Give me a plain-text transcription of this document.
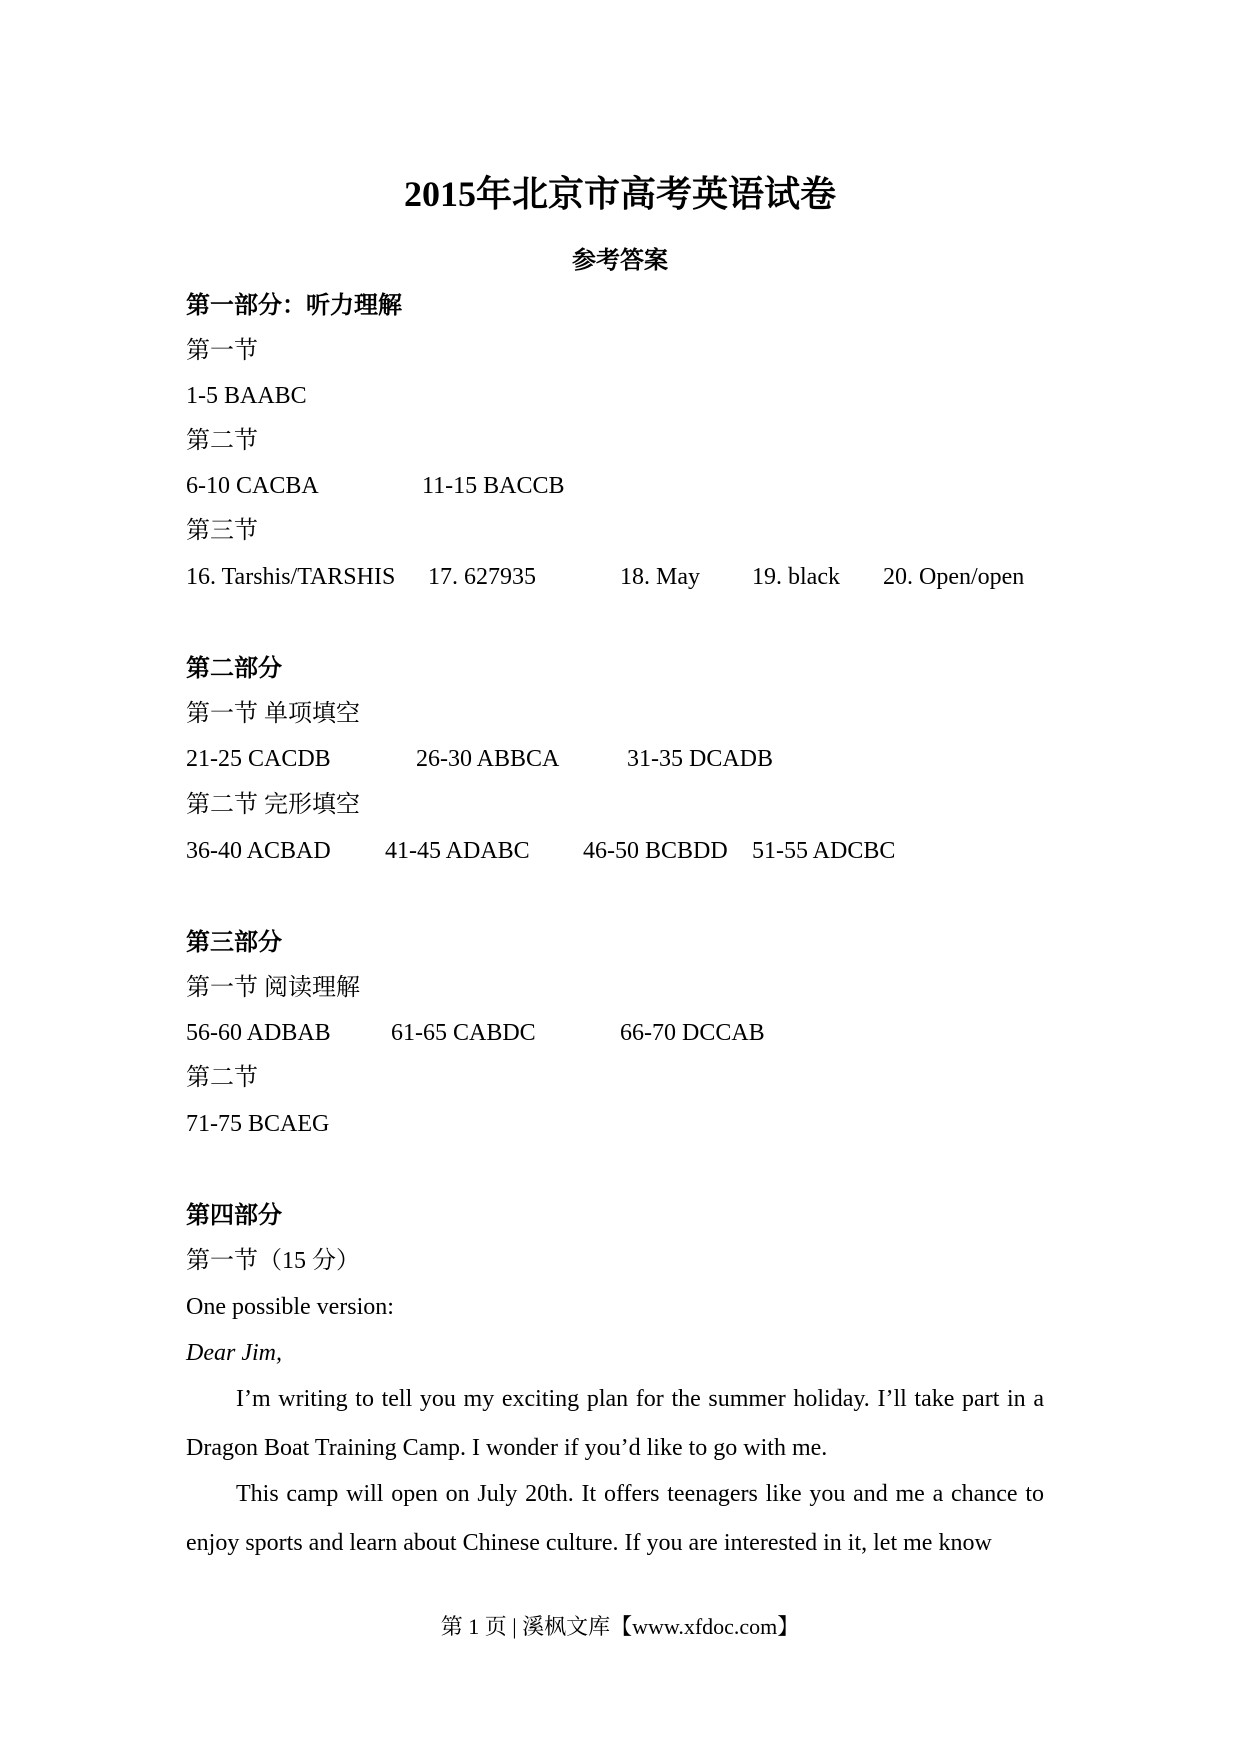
2015年北京市高考英语试卷
参考答案
第一部分：听力理解
第一节
1-5 BAABC
第二节
6-10 CACBA	11-15 BACCB
第三节
16. Tarshis/TARSHIS 17. 627935	18. May 19. black 20. Open/open
第二部分
第一节 单项填空
21-25 CACDB	26-30 ABBCA	31-35 DCADB
第二节 完形填空
36-40 ACBAD 41-45 ADABC 46-50 BCBDD 51-55 ADCBC
第三部分
第一节 阅读理解
56-60 ADBAB	61-65 CABDC	66-70 DCCAB
第二节
71-75 BCAEG
第四部分
第一节（15 分）
One possible version:
Dear Jim,

I’m writing to tell you my exciting plan for the summer holiday. I’ll take part in a Dragon Boat Training Camp. I wonder if you’d like to go with me.

This camp will open on July 20th. It offers teenagers like you and me a chance to enjoy sports and learn about Chinese culture. If you are interested in it, let me know

第 1 页 | 溪枫文库【www.xfdoc.com】
